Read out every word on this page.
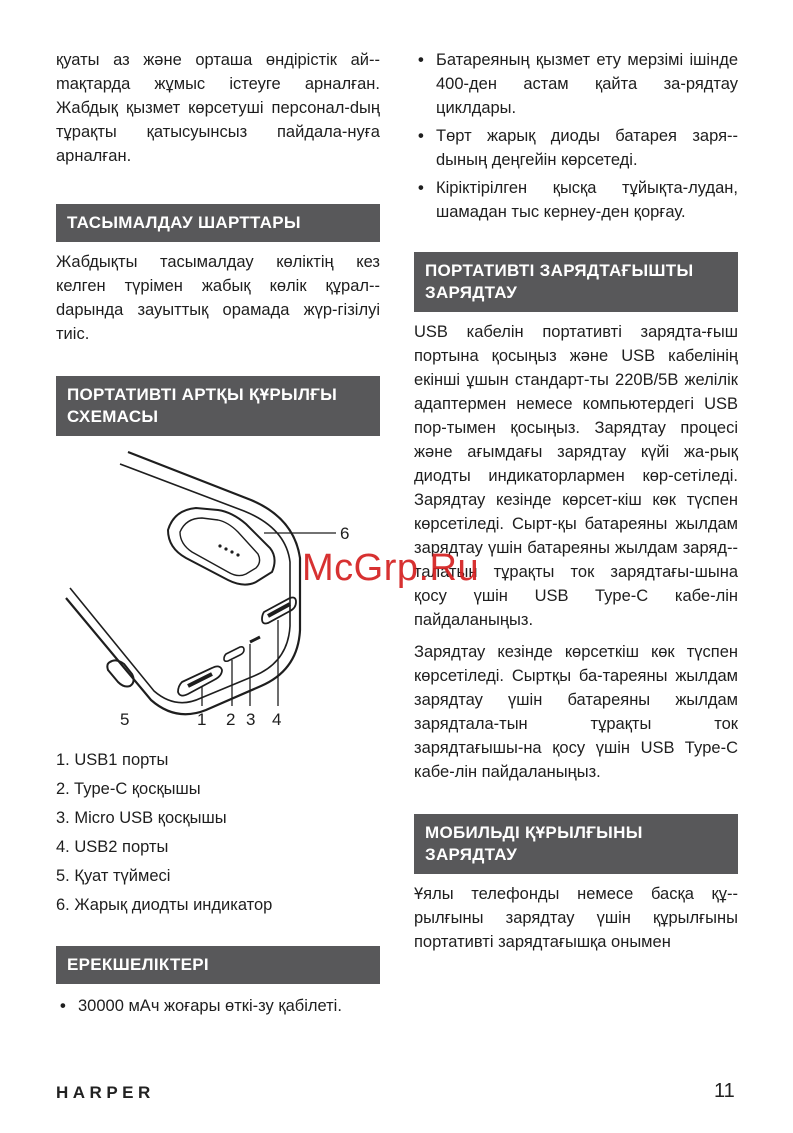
қуаты аз және орташа өндірістік ай-mақтарда жұмыс істеуге арналған. Жабдық қызмет көрсетуші персонал-dың тұрақты қатысуынсыз пайдала-нуға арналған.

ТАСЫМАЛДАУ ШАРТТАРЫ

Жабдықты тасымалдау көліктің кез келген түрімен жабық көлік құрал-dарында зауыттық орамада жүр-гізілуі тиіс.

ПОРТАТИВТІ АРТҚЫ ҚҰРЫЛҒЫ СХЕМАСЫ
6
5	1 2 3 4
1. USB1 порты
2. Type-C қосқышы
3. Micro USB қосқышы
4. USB2 порты
5. Қуат түймесі
6. Жарық диодты индикатор
ЕРЕКШЕЛІКТЕРІ
• 30000 мАч жоғары өткі-зу қабілеті.
• Батареяның қызмет ету мерзімі ішінде 400-ден астам қайта за-рядтау циклдары.
• Төрт жарық диоды батарея заря-dының деңгейін көрсетеді.
• Кіріктірілген қысқа тұйықта-лудан, шамадан тыс кернеу-ден қорғау.
ПОРТАТИВТІ ЗАРЯДТАҒЫШТЫ ЗАРЯДТАУ

USB кабелін портативті зарядта-ғыш портына қосыңыз және USB кабелінің екінші ұшын стандарт-ты 220В/5В желілік адаптермен немесе компьютердегі USB пор-тымен қосыңыз. Зарядтау процесі және ағымдағы зарядтау күйі жа-рық диодты индикаторлармен көр-сетіледі. Зарядтау кезінде көрсет-кіш көк түспен көрсетіледі. Сырт-қы батареяны жылдам зарядтау үшін батареяны жылдам заряд-талатын тұрақты ток зарядтағы-шына қосу үшін USB Type-C кабе-лін пайдаланыңыз.

Зарядтау кезінде көрсеткіш көк түспен көрсетіледі. Сыртқы ба-тареяны жылдам зарядтау үшін батареяны жылдам зарядтала-тын тұрақты ток зарядтағышы-на қосу үшін USB Type-C кабе-лін пайдаланыңыз.

МОБИЛЬДІ ҚҰРЫЛҒЫНЫ ЗАРЯДТАУ

Ұялы телефонды немесе басқа құ-рылғыны зарядтау үшін құрылғыны портативті зарядтағышқа онымен

McGrp.Ru
HARPER	11
